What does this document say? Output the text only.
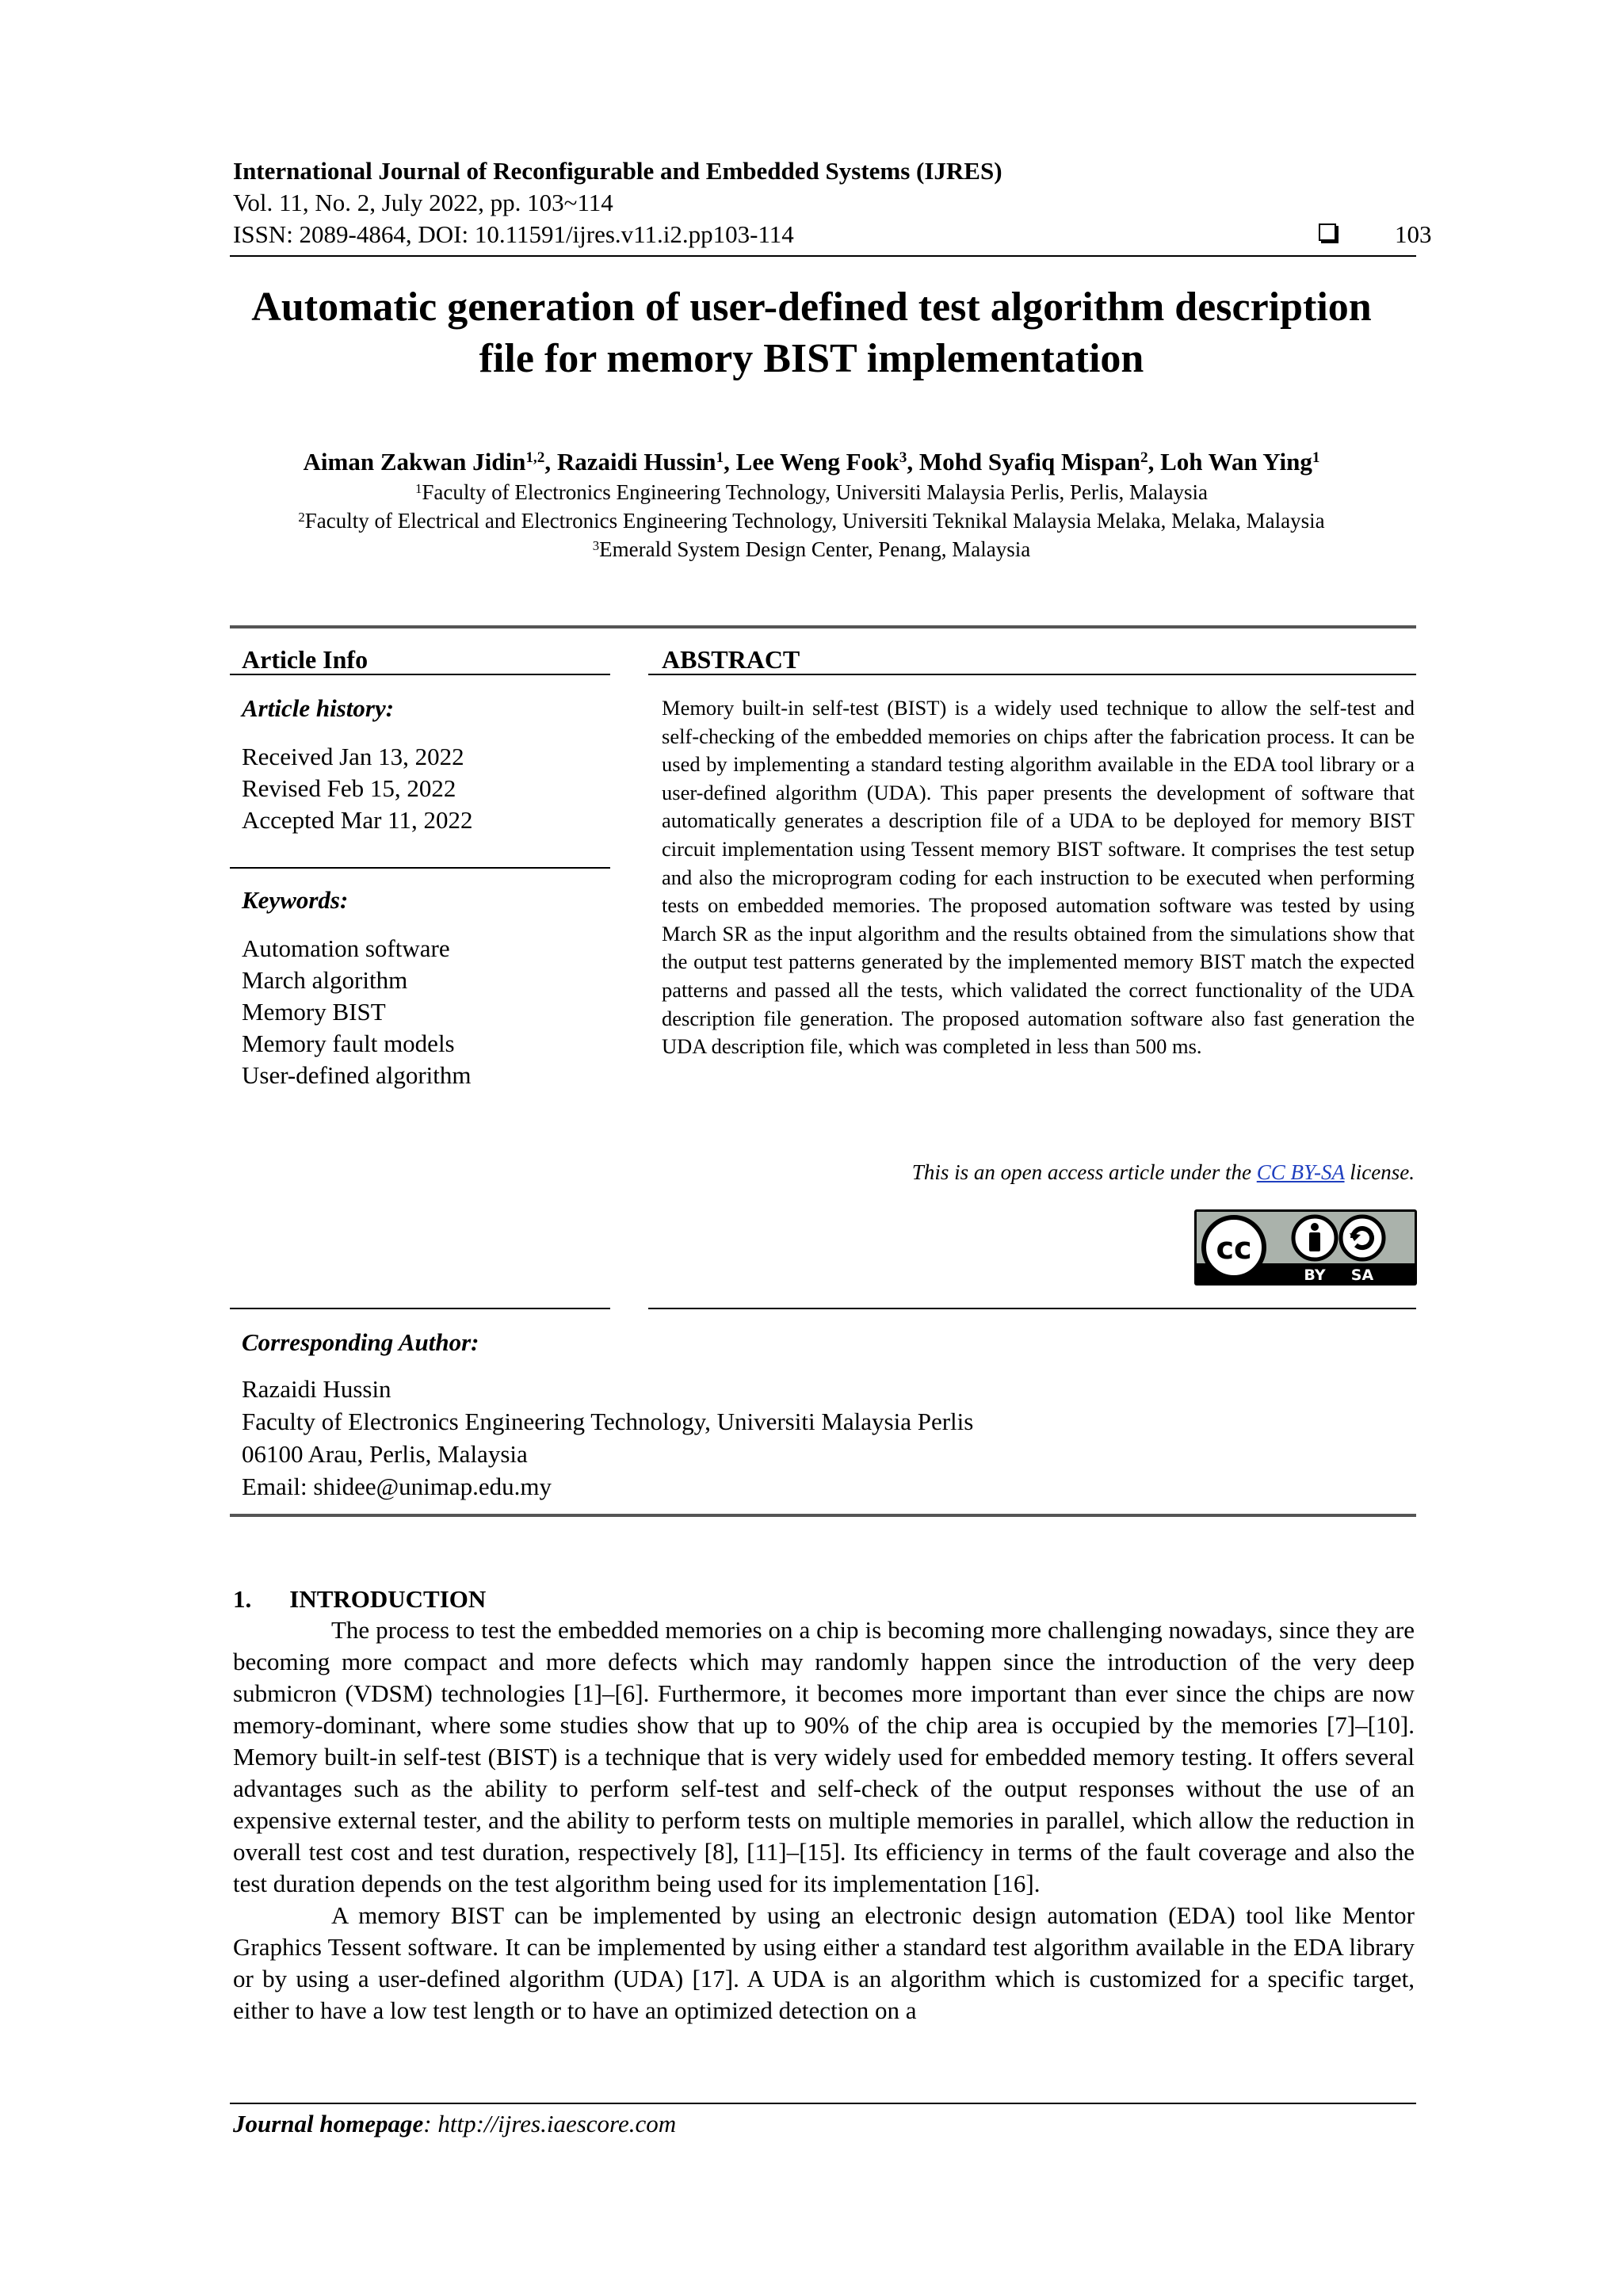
International Journal of Reconfigurable and Embedded Systems (IJRES)
Vol. 11, No. 2, July 2022, pp. 103~114
ISSN: 2089-4864, DOI: 10.11591/ijres.v11.i2.pp103-114	103
Automatic generation of user-defined test algorithm description
file for memory BIST implementation
Aiman Zakwan Jidin$^{1,2}$, Razaidi Hussin$^1$, Lee Weng Fook$^3$, Mohd Syafiq Mispan$^2$, Loh Wan Ying$^1$
$^1$Faculty of Electronics Engineering Technology, Universiti Malaysia Perlis, Perlis, Malaysia
$^2$Faculty of Electrical and Electronics Engineering Technology, Universiti Teknikal Malaysia Melaka, Melaka, Malaysia
$^3$Emerald System Design Center, Penang, Malaysia
Article Info
Article history:
Received Jan 13, 2022
Revised Feb 15, 2022
Accepted Mar 11, 2022
Keywords:
Automation software
March algorithm
Memory BIST
Memory fault models
User-defined algorithm
ABSTRACT

Memory built-in self-test (BIST) is a widely used technique to allow the self-test and self-checking of the embedded memories on chips after the fabrication process. It can be used by implementing a standard testing algorithm available in the EDA tool library or a user-defined algorithm (UDA). This paper presents the development of software that automatically generates a description file of a UDA to be deployed for memory BIST circuit implementation using Tessent memory BIST software. It comprises the test setup and also the microprogram coding for each instruction to be executed when performing tests on embedded memories. The proposed automation software was tested by using March SR as the input algorithm and the results obtained from the simulations show that the output test patterns generated by the implemented memory BIST match the expected patterns and passed all the tests, which validated the correct functionality of the UDA description file generation. The proposed automation software also fast generation the UDA description file, which was completed in less than 500 ms.

This is an open access article under the CC BY-SA license.
cc
BY SA
Corresponding Author:
Razaidi Hussin
Faculty of Electronics Engineering Technology, Universiti Malaysia Perlis
06100 Arau, Perlis, Malaysia
Email: shidee@unimap.edu.my
1. INTRODUCTION

The process to test the embedded memories on a chip is becoming more challenging nowadays, since they are becoming more compact and more defects which may randomly happen since the introduction of the very deep submicron (VDSM) technologies [1]–[6]. Furthermore, it becomes more important than ever since the chips are now memory-dominant, where some studies show that up to 90% of the chip area is occupied by the memories [7]–[10]. Memory built-in self-test (BIST) is a technique that is very widely used for embedded memory testing. It offers several advantages such as the ability to perform self-test and self-check of the output responses without the use of an expensive external tester, and the ability to perform tests on multiple memories in parallel, which allow the reduction in overall test cost and test duration, respectively [8], [11]–[15]. Its efficiency in terms of the fault coverage and also the test duration depends on the test algorithm being used for its implementation [16].

A memory BIST can be implemented by using an electronic design automation (EDA) tool like Mentor Graphics Tessent software. It can be implemented by using either a standard test algorithm available in the EDA library or by using a user-defined algorithm (UDA) [17]. A UDA is an algorithm which is customized for a specific target, either to have a low test length or to have an optimized detection on a

Journal homepage: http://ijres.iaescore.com
